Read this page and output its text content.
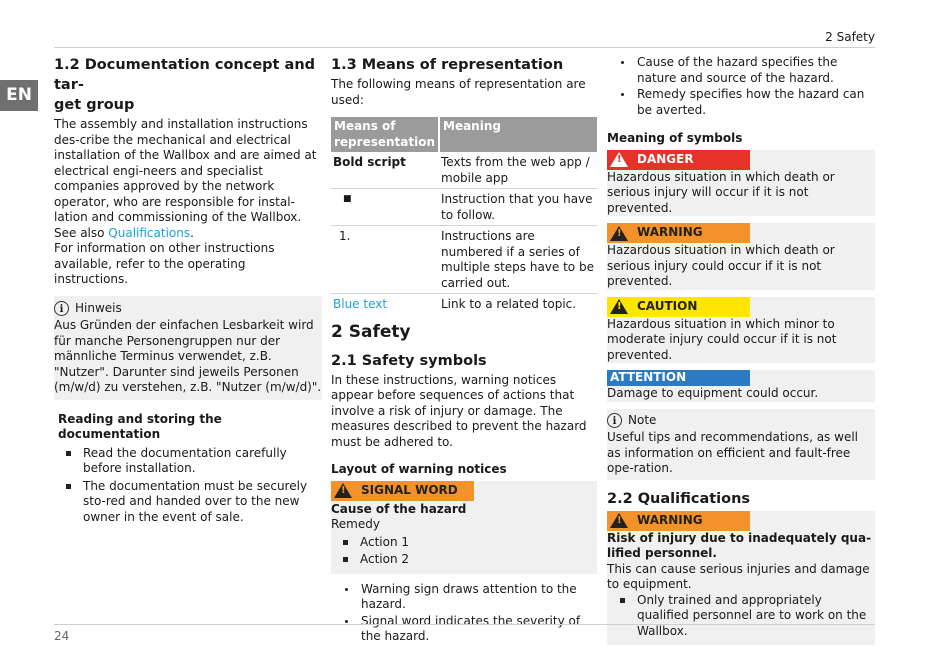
2 Safety
EN
1.2 Documentation concept and tar-
get group

The assembly and installation instructions des-cribe the mechanical and electrical installation of the Wallbox and are aimed at electrical engi-neers and specialist companies approved by the network operator, who are responsible for instal-lation and commissioning of the Wallbox. See also Qualifications.

For information on other instructions available, refer to the operating instructions.

i Hinweis

Aus Gründen der einfachen Lesbarkeit wird für manche Personengruppen nur der männliche Terminus verwendet, z.B. "Nutzer". Darunter sind jeweils Personen (m/w/d) zu verstehen, z.B. "Nutzer (m/w/d)".

Reading and storing the documentation
Read the documentation carefully before installation.
The documentation must be securely sto-red and handed over to the new owner in the event of sale.
1.3 Means of representation

The following means of representation are used:

Means of representation	Meaning
Bold script	Texts from the web app / mobile app
■	Instruction that you have to follow.
1.	Instructions are numbered if a series of multiple steps have to be carried out.
Blue text	Link to a related topic.
2 Safety
2.1 Safety symbols

In these instructions, warning notices appear before sequences of actions that involve a risk of injury or damage. The measures described to prevent the hazard must be adhered to.

Layout of warning notices
!
SIGNAL WORD
Cause of the hazard
Remedy
Action 1
Action 2
Warning sign draws attention to the hazard.
Signal word indicates the severity of the hazard.
Cause of the hazard specifies the nature and source of the hazard.
Remedy specifies how the hazard can be averted.
Meaning of symbols
!
DANGER

Hazardous situation in which death or serious injury will occur if it is not prevented.

!
WARNING

Hazardous situation in which death or serious injury could occur if it is not prevented.

!
CAUTION

Hazardous situation in which minor to moderate injury could occur if it is not prevented.

ATTENTION

Damage to equipment could occur.

i Note

Useful tips and recommendations, as well as information on efficient and fault-free ope-ration.

2.2 Qualifications
!
WARNING
Risk of injury due to inadequately qua-lified personnel.

This can cause serious injuries and damage to equipment.

Only trained and appropriately qualified personnel are to work on the Wallbox.
24
